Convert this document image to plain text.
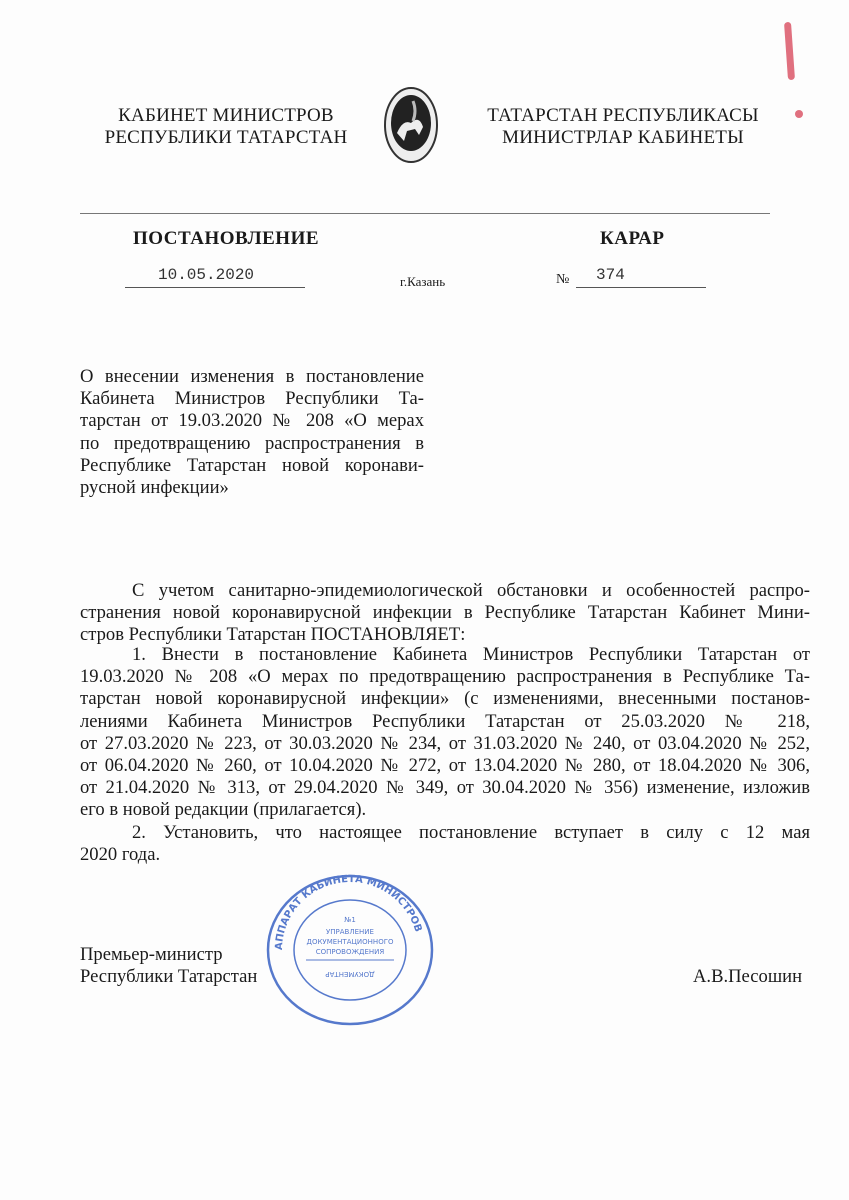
КАБИНЕТ МИНИСТРОВ
РЕСПУБЛИКИ ТАТАРСТАН
ТАТАРСТАН РЕСПУБЛИКАСЫ
МИНИСТРЛАР КАБИНЕТЫ
ПОСТАНОВЛЕНИЕ	КАРАР
10.05.2020	г.Казань	№	374
О внесении изменения в постановление
Кабинета Министров Республики Та-
тарстан от 19.03.2020 № 208 «О мерах
по предотвращению распространения в
Республике Татарстан новой коронави-
русной инфекции»
С учетом санитарно-эпидемиологической обстановки и особенностей распро-
странения новой коронавирусной инфекции в Республике Татарстан Кабинет Мини-
стров Республики Татарстан ПОСТАНОВЛЯЕТ:
1. Внести в постановление Кабинета Министров Республики Татарстан от
19.03.2020 № 208 «О мерах по предотвращению распространения в Республике Та-
тарстан новой коронавирусной инфекции» (с изменениями, внесенными постанов-
лениями Кабинета Министров Республики Татарстан от 25.03.2020 № 218,
от 27.03.2020 № 223, от 30.03.2020 № 234, от 31.03.2020 № 240, от 03.04.2020 № 252,
от 06.04.2020 № 260, от 10.04.2020 № 272, от 13.04.2020 № 280, от 18.04.2020 № 306,
от 21.04.2020 № 313, от 29.04.2020 № 349, от 30.04.2020 № 356) изменение, изложив
его в новой редакции (прилагается).
2. Установить, что настоящее постановление вступает в силу с 12 мая
2020 года.
Премьер-министр
Республики Татарстан	А.В.Песошин
АППАРАТ КАБИНЕТА МИНИСТРОВ
№1
УПРАВЛЕНИЕ
ДОКУМЕНТАЦИОННОГО
СОПРОВОЖДЕНИЯ
ДОКУМЕНТАР
